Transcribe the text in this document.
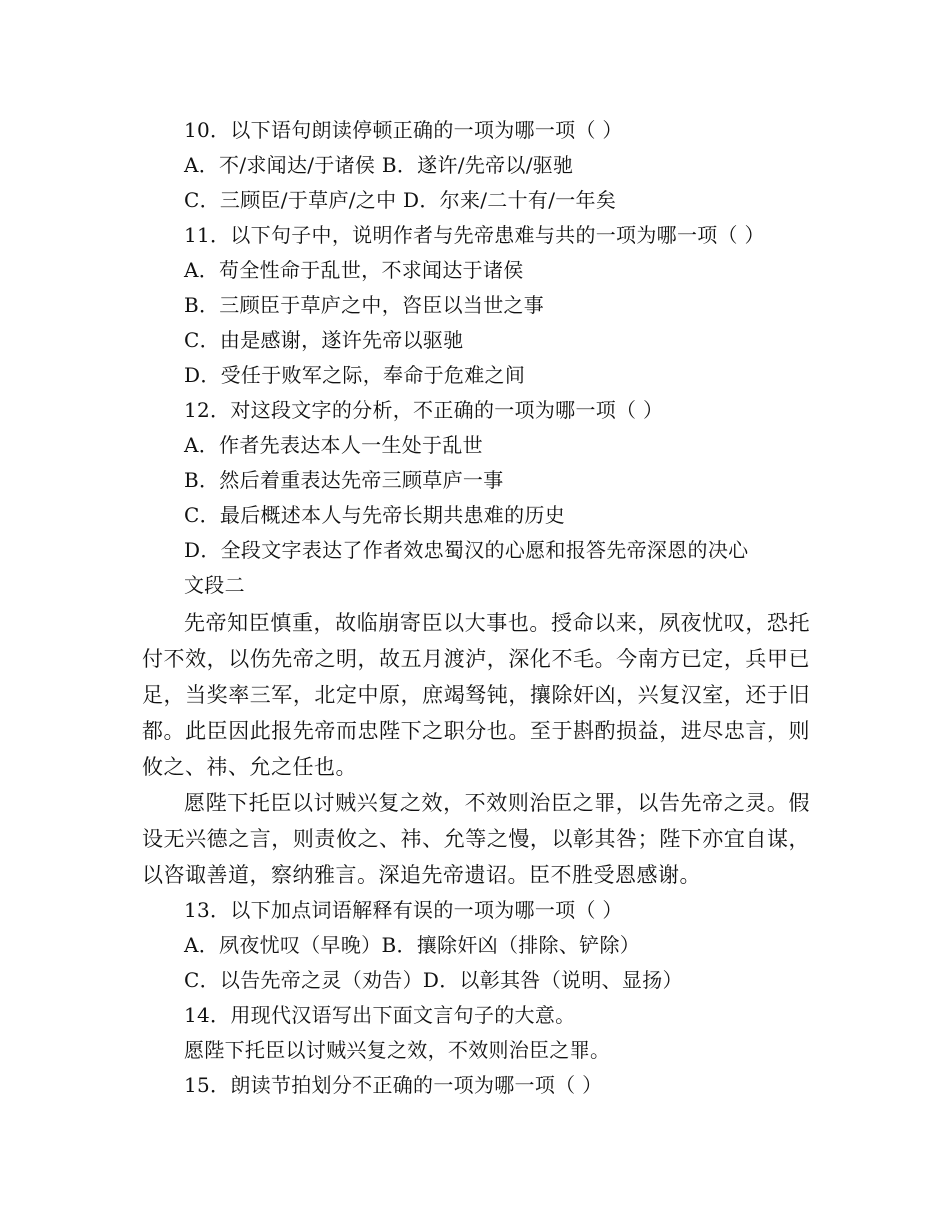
10．以下语句朗读停顿正确的一项为哪一项（ ）
A．不/求闻达/于诸侯 B．遂许/先帝以/驱驰
C．三顾臣/于草庐/之中 D．尔来/二十有/一年矣
11．以下句子中，说明作者与先帝患难与共的一项为哪一项（ ）
A．苟全性命于乱世，不求闻达于诸侯
B．三顾臣于草庐之中，咨臣以当世之事
C．由是感谢，遂许先帝以驱驰
D．受任于败军之际，奉命于危难之间
12．对这段文字的分析，不正确的一项为哪一项（ ）
A．作者先表达本人一生处于乱世
B．然后着重表达先帝三顾草庐一事
C．最后概述本人与先帝长期共患难的历史
D．全段文字表达了作者效忠蜀汉的心愿和报答先帝深恩的决心
文段二
先帝知臣慎重，故临崩寄臣以大事也。授命以来，夙夜忧叹，恐托付不效，以伤先帝之明，故五月渡泸，深化不毛。今南方已定，兵甲已足，当奖率三军，北定中原，庶竭驽钝，攘除奸凶，兴复汉室，还于旧都。此臣因此报先帝而忠陛下之职分也。至于斟酌损益，进尽忠言，则攸之、祎、允之任也。
愿陛下托臣以讨贼兴复之效，不效则治臣之罪，以告先帝之灵。假设无兴德之言，则责攸之、祎、允等之慢，以彰其咎；陛下亦宜自谋，以咨诹善道，察纳雅言。深追先帝遗诏。臣不胜受恩感谢。
13．以下加点词语解释有误的一项为哪一项（ ）
A．夙夜忧叹（早晚）B．攘除奸凶（排除、铲除）
C．以告先帝之灵（劝告）D．以彰其咎（说明、显扬）
14．用现代汉语写出下面文言句子的大意。
愿陛下托臣以讨贼兴复之效，不效则治臣之罪。
15．朗读节拍划分不正确的一项为哪一项（ ）
